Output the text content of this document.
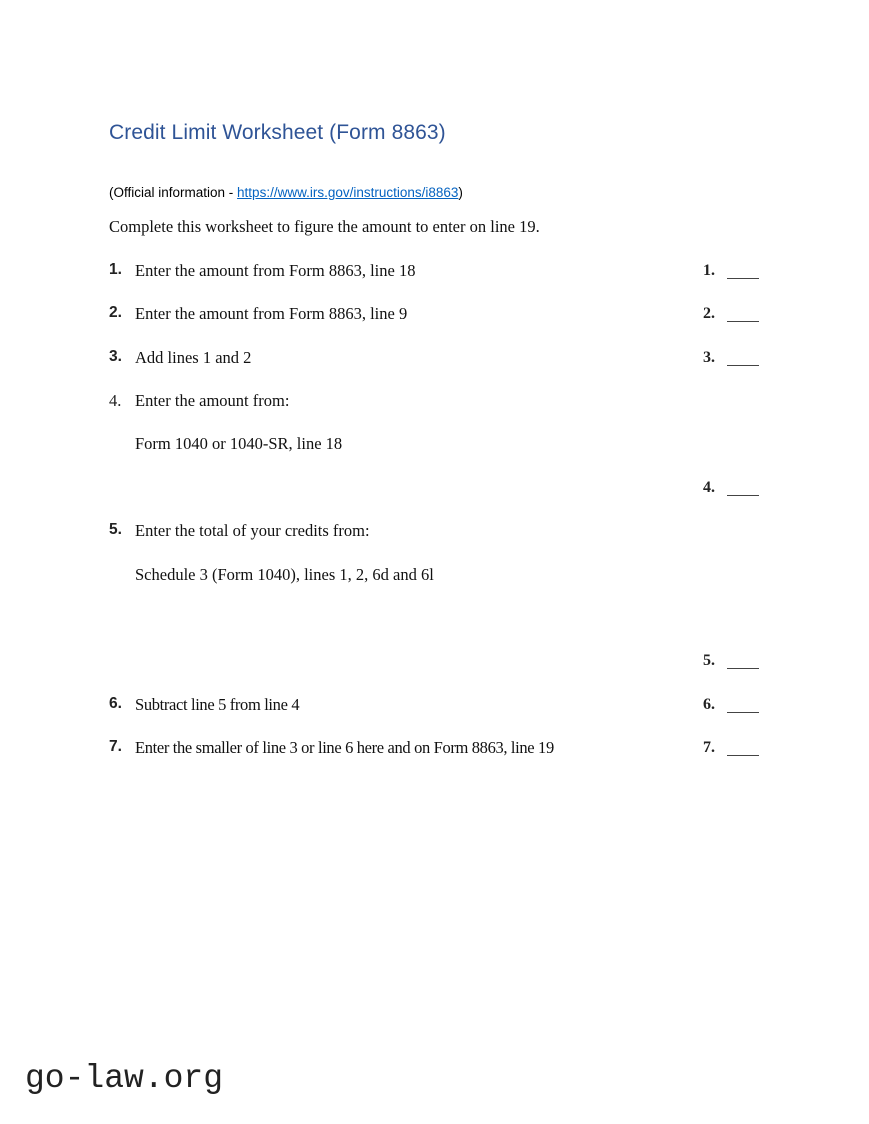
Credit Limit Worksheet (Form 8863)
(Official information - https://www.irs.gov/instructions/i8863)
Complete this worksheet to figure the amount to enter on line 19.
1. Enter the amount from Form 8863, line 18	1.
2. Enter the amount from Form 8863, line 9	2.
3. Add lines 1 and 2	3.
4. Enter the amount from:
Form 1040 or 1040-SR, line 18
4.
5. Enter the total of your credits from:
Schedule 3 (Form 1040), lines 1, 2, 6d and 6l
5.
6. Subtract line 5 from line 4	6.
7. Enter the smaller of line 3 or line 6 here and on Form 8863, line 19	7.
go-law.org
